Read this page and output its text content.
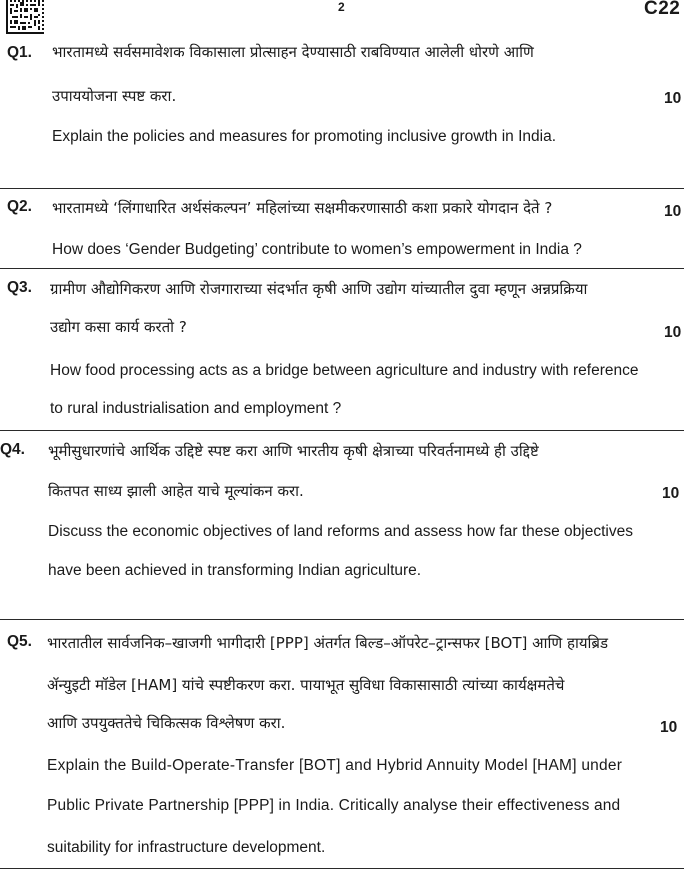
2	C22
Q1. भारतामध्ये सर्वसमावेशक विकासाला प्रोत्साहन देण्यासाठी राबविण्यात आलेली धोरणे आणि
उपाययोजना स्पष्ट करा.	10
Explain the policies and measures for promoting inclusive growth in India.
Q2. भारतामध्ये ‘लिंगाधारित अर्थसंकल्पन’ महिलांच्या सक्षमीकरणासाठी कशा प्रकारे योगदान देते ?	10
How does ‘Gender Budgeting’ contribute to women’s empowerment in India ?
Q3. ग्रामीण औद्योगिकरण आणि रोजगाराच्या संदर्भात कृषी आणि उद्योग यांच्यातील दुवा म्हणून अन्नप्रक्रिया
उद्योग कसा कार्य करतो ?	10
How food processing acts as a bridge between agriculture and industry with reference
to rural industrialisation and employment ?
Q4. भूमीसुधारणांचे आर्थिक उद्दिष्टे स्पष्ट करा आणि भारतीय कृषी क्षेत्राच्या परिवर्तनामध्ये ही उद्दिष्टे
कितपत साध्य झाली आहेत याचे मूल्यांकन करा.	10
Discuss the economic objectives of land reforms and assess how far these objectives
have been achieved in transforming Indian agriculture.
Q5. भारतातील सार्वजनिक–खाजगी भागीदारी [PPP] अंतर्गत बिल्ड–ऑपरेट–ट्रान्सफर [BOT] आणि हायब्रिड
ॲन्युइटी मॉडेल [HAM] यांचे स्पष्टीकरण करा. पायाभूत सुविधा विकासासाठी त्यांच्या कार्यक्षमतेचे
आणि उपयुक्ततेचे चिकित्सक विश्लेषण करा.	10
Explain the Build-Operate-Transfer [BOT] and Hybrid Annuity Model [HAM] under
Public Private Partnership [PPP] in India. Critically analyse their effectiveness and
suitability for infrastructure development.
